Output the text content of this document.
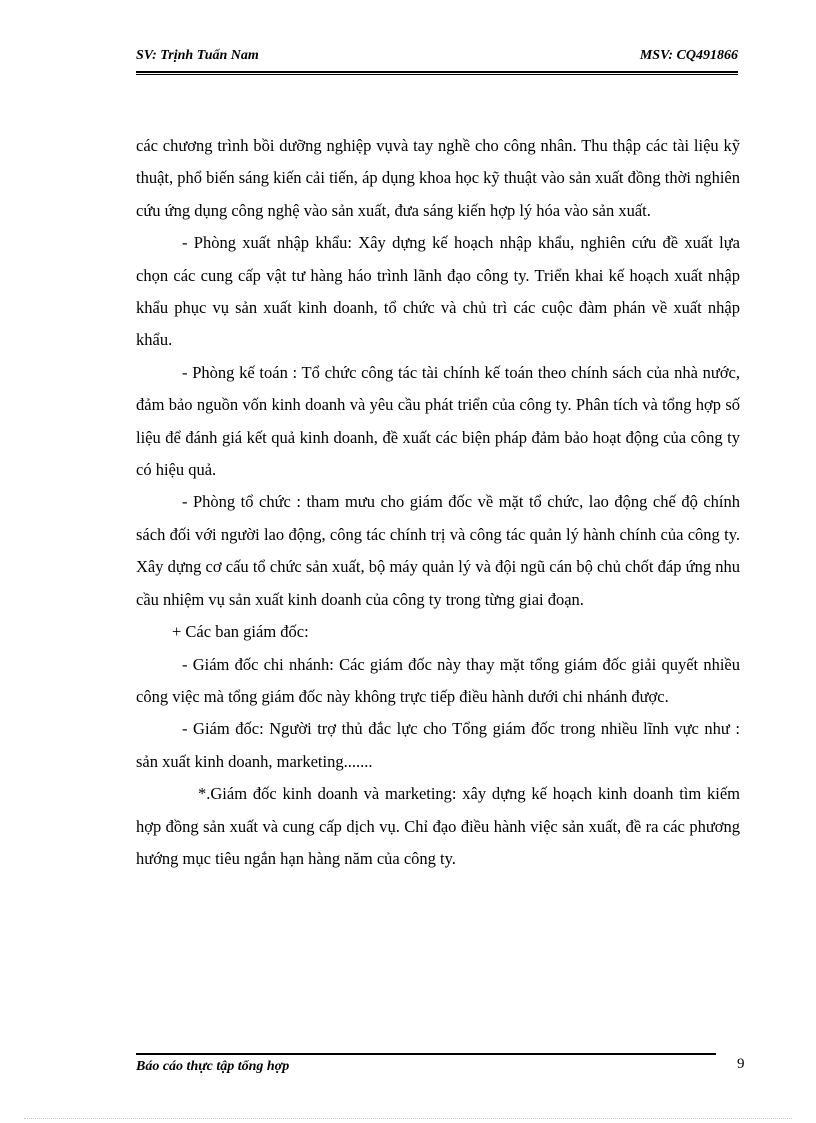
SV: Trịnh Tuấn Nam	MSV: CQ491866

các chương trình bồi dưỡng nghiệp vụvà tay nghề cho công nhân. Thu thập các tài liệu kỹ thuật, phổ biến sáng kiến cải tiến, áp dụng khoa học kỹ thuật vào sản xuất đồng thời nghiên cứu ứng dụng công nghệ vào sản xuất, đưa sáng kiến hợp lý hóa vào sản xuất.

- Phòng xuất nhập khẩu: Xây dựng kế hoạch nhập khẩu, nghiên cứu đề xuất lựa chọn các cung cấp vật tư hàng háo trình lãnh đạo công ty. Triển khai kế hoạch xuất nhập khẩu phục vụ sản xuất kinh doanh, tổ chức và chủ trì các cuộc đàm phán về xuất nhập khẩu.

- Phòng kế toán : Tổ chức công tác tài chính kế toán theo chính sách của nhà nước, đảm bảo nguồn vốn kinh doanh và yêu cầu phát triển của công ty. Phân tích và tổng hợp số liệu để đánh giá kết quả kinh doanh, đề xuất các biện pháp đảm bảo hoạt động của công ty có hiệu quả.

- Phòng tổ chức : tham mưu cho giám đốc về mặt tổ chức, lao động chế độ chính sách đối với người lao động, công tác chính trị và công tác quản lý hành chính của công ty. Xây dựng cơ cấu tổ chức sản xuất, bộ máy quản lý và đội ngũ cán bộ chủ chốt đáp ứng nhu cầu nhiệm vụ sản xuất kinh doanh của công ty trong từng giai đoạn.

+ Các ban giám đốc:

- Giám đốc chi nhánh: Các giám đốc này thay mặt tổng giám đốc giải quyết nhiều công việc mà tổng giám đốc này không trực tiếp điều hành dưới chi nhánh được.

- Giám đốc: Người trợ thủ đắc lực cho Tổng giám đốc trong nhiều lĩnh vực như : sản xuất kinh doanh, marketing.......

*.Giám đốc kinh doanh và marketing: xây dựng kế hoạch kinh doanh tìm kiếm hợp đồng sản xuất và cung cấp dịch vụ. Chỉ đạo điều hành việc sản xuất, đề ra các phương hướng mục tiêu ngắn hạn hàng năm của công ty.

Báo cáo thực tập tổng hợp	9
